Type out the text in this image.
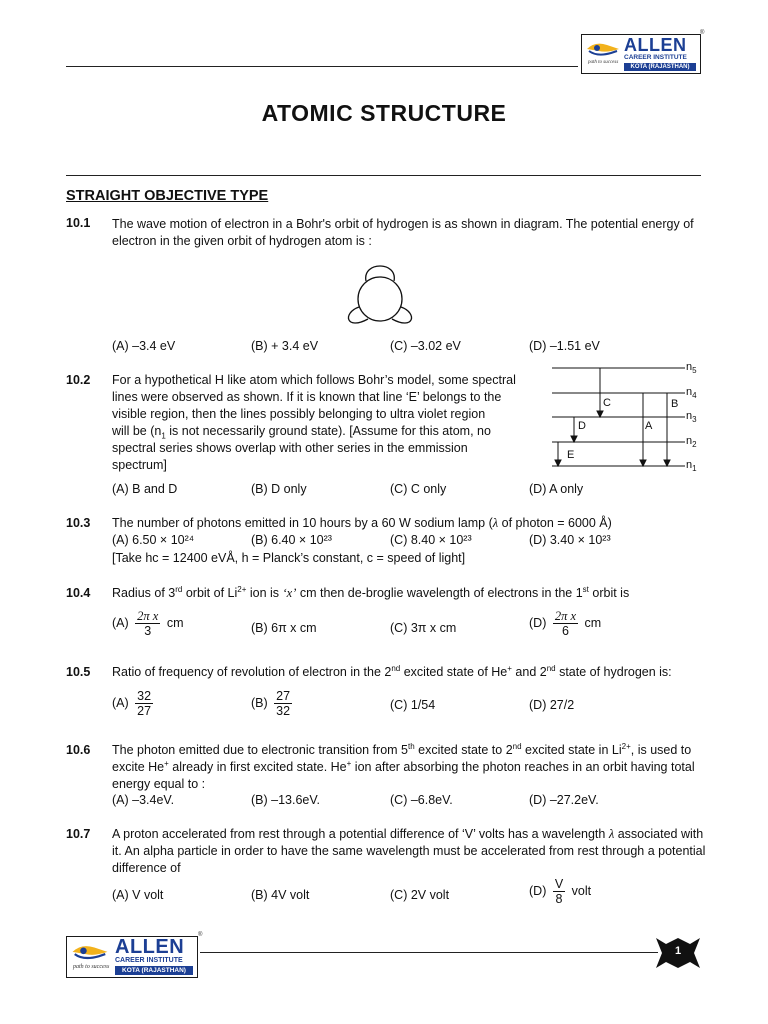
path to success
ALLEN
CAREER INSTITUTE
KOTA (RAJASTHAN)
®
ATOMIC STRUCTURE
STRAIGHT OBJECTIVE TYPE
10.1 The wave motion of electron in a Bohr's orbit of hydrogen is as shown in diagram. The potential energy of
electron in the given orbit of hydrogen atom is :
(A) –3.4 eV	(B) + 3.4 eV	(C) –3.02 eV	(D) –1.51 eV
10.2 For a hypothetical H like atom which follows Bohr’s model, some spectral
lines were observed as shown. If it is known that line ‘E’ belongs to the
visible region, then the lines possibly belonging to ultra violet region
will be ($n_1$ is not necessarily ground state). [Assume for this atom, no
spectral series shows overlap with other series in the emmission
spectrum]
$n_5$
$n_4$
$n_3$
$n_2$
$n_1$
C	B
D	A
E
(A) B and D	(B) D only	(C) C only	(D) A only
10.3 The number of photons emitted in 10 hours by a 60 W sodium lamp (λ of photon = 6000 Å)
(A) 6.50 × 10²⁴	(B) 6.40 × 10²³	(C) 8.40 × 10²³	(D) 3.40 × 10²³
[Take hc = 12400 eVÅ, h = Planck’s constant, c = speed of light]
10.4 Radius of 3rd orbit of $Li^{2+}$ ion is ‘x’ cm then de-broglie wavelength of electrons in the 1st orbit is
$(A) \frac{\text{2π x}}{3}$ cm	(B) 6π x cm	(C) 3π x cm	$(D) \frac{\text{2π x}}{6}$ cm
10.5 Ratio of frequency of revolution of electron in the 2nd excited state of He+ and 2nd state of hydrogen is:
$(A) \frac{32}{27}$	$(B) \frac{27}{32}$	(C) 1/54	(D) 27/2
10.6 The photon emitted due to electronic transition from 5th excited state to 2nd excited state in $Li^{2+}$, is used to
excite He+ already in first excited state. He+ ion after absorbing the photon reaches in an orbit having total
energy equal to :
(A) –3.4eV.	(B) –13.6eV.	(C) –6.8eV.	(D) –27.2eV.
10.7 A proton accelerated from rest through a potential difference of ‘V’ volts has a wavelength λ associated with
it. An alpha particle in order to have the same wavelength must be accelerated from rest through a potential
difference of
(A) V volt	(B) 4V volt	(C) 2V volt	$(D) \frac{V}{8}$ volt
path to success
ALLEN
CAREER INSTITUTE
KOTA (RAJASTHAN)
®
1
